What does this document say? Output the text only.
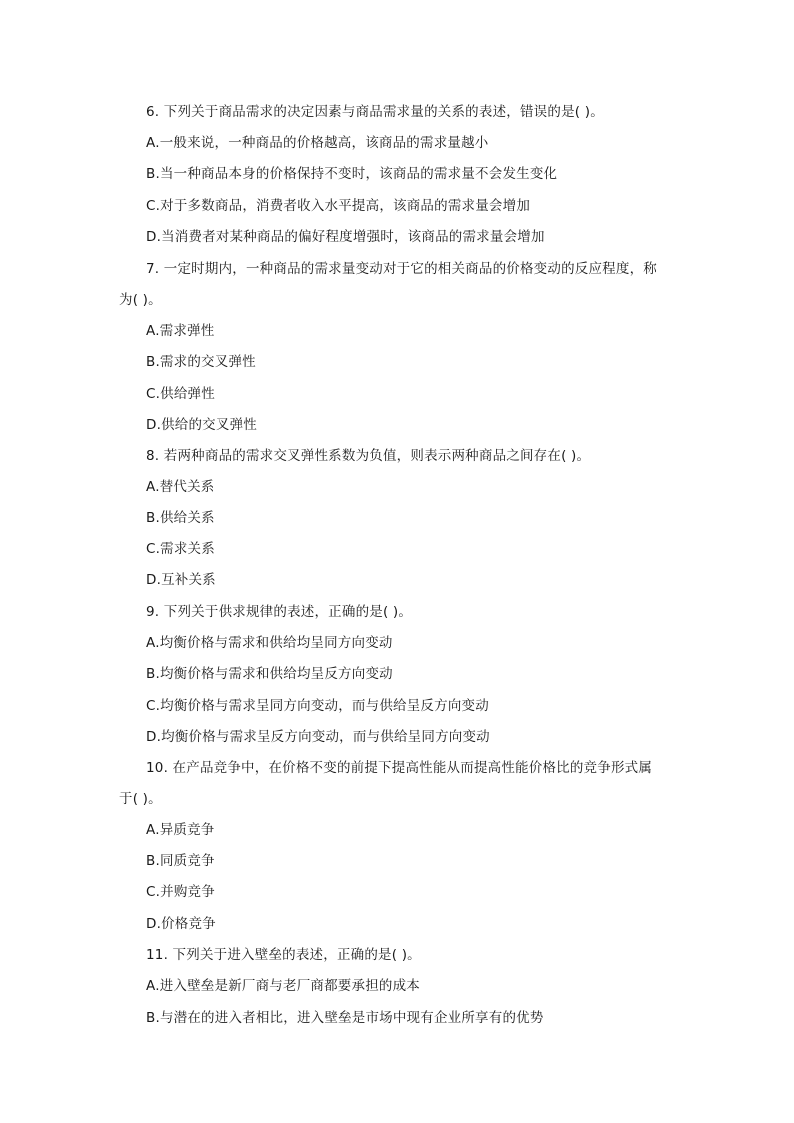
6. 下列关于商品需求的决定因素与商品需求量的关系的表述，错误的是( )。
A.一般来说，一种商品的价格越高，该商品的需求量越小
B.当一种商品本身的价格保持不变时，该商品的需求量不会发生变化
C.对于多数商品，消费者收入水平提高，该商品的需求量会增加
D.当消费者对某种商品的偏好程度增强时，该商品的需求量会增加
7. 一定时期内，一种商品的需求量变动对于它的相关商品的价格变动的反应程度，称
为( )。
A.需求弹性
B.需求的交叉弹性
C.供给弹性
D.供给的交叉弹性
8. 若两种商品的需求交叉弹性系数为负值，则表示两种商品之间存在( )。
A.替代关系
B.供给关系
C.需求关系
D.互补关系
9. 下列关于供求规律的表述，正确的是( )。
A.均衡价格与需求和供给均呈同方向变动
B.均衡价格与需求和供给均呈反方向变动
C.均衡价格与需求呈同方向变动，而与供给呈反方向变动
D.均衡价格与需求呈反方向变动，而与供给呈同方向变动
10. 在产品竞争中，在价格不变的前提下提高性能从而提高性能价格比的竞争形式属
于( )。
A.异质竞争
B.同质竞争
C.并购竞争
D.价格竞争
11. 下列关于进入壁垒的表述，正确的是( )。
A.进入壁垒是新厂商与老厂商都要承担的成本
B.与潜在的进入者相比，进入壁垒是市场中现有企业所享有的优势
